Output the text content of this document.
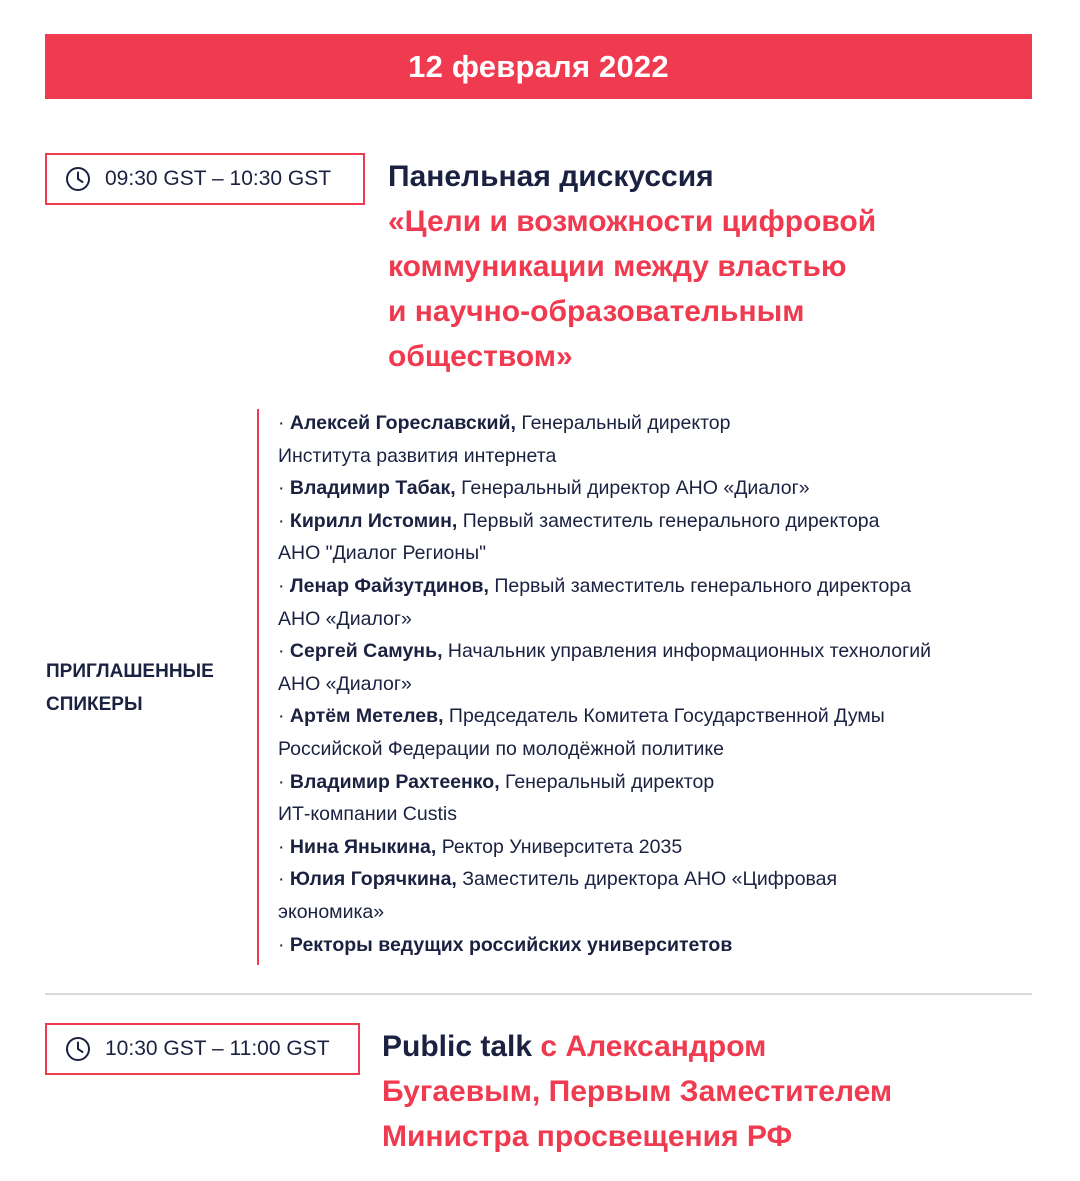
12 февраля 2022
09:30 GST – 10:30 GST Панельная дискуссия
«Цели и возможности цифровой
коммуникации между властью
и научно-образовательным
обществом»
ПРИГЛАШЕННЫЕ
СПИКЕРЫ
· Алексей Горeславский, Генеральный директор
Института развития интернета
· Владимир Табак, Генеральный директор АНО «Диалог»
· Кирилл Истомин, Первый заместитель генерального директора
АНО "Диалог Регионы"
· Ленар Файзутдинов, Первый заместитель генерального директора
АНО «Диалог»
· Сергей Самунь, Начальник управления информационных технологий
АНО «Диалог»
· Артём Метелев, Председатель Комитета Государственной Думы
Российской Федерации по молодёжной политике
· Владимир Рахтеенко, Генеральный директор
ИТ-компании Custis
· Нина Яныкина, Ректор Университета 2035
· Юлия Горячкина, Заместитель директора АНО «Цифровая
экономика»
· Ректоры ведущих российских университетов
10:30 GST – 11:00 GST Public talk с Александром
Бугаевым, Первым Заместителем
Министра просвещения РФ
